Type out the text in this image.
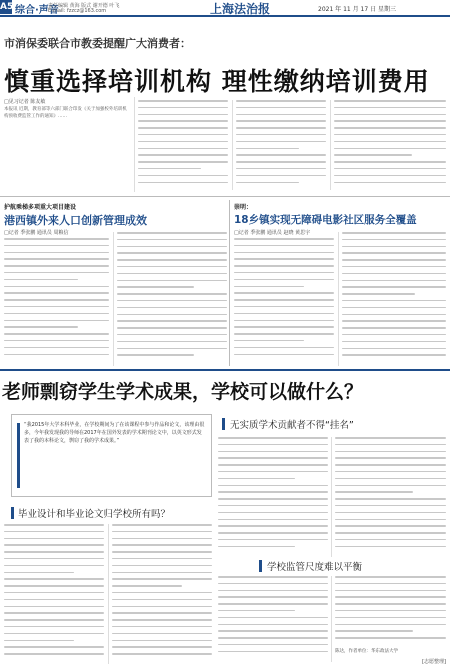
A5 综合·声音
责任编辑 黄海 版式 谢开德 叶飞
E-mail: fzzcz@163.com	上海法治报	2021 年 11 月 17 日 星期三
市消保委联合市教委提醒广大消费者：
慎重选择培训机构 理性缴纳培训费用
□见习记者 陈友敏
本报讯 近期，教育部等六部门联合印发《关于加强校外培训机构预收费监管工作的通知》……
护航乘梯多项重大项目建设
港西镇外来人口创新管理成效
□记者 季张鹏 通讯员 周粮信
崇明：
18乡镇实现无障碍电影社区服务全覆盖
□记者 季张鹏 通讯员 赵晓 黄思宇
老师剽窃学生学术成果，学校可以做什么？
“我2015年大学本科毕业，在学校期间为了在该课程中参与作品和论文，该理由很多，今年我发现我的导师在2017年在国外发表的学术期刊论文中，以英文形式发表了我的本科论文，剽窃了我的学术成果。”
毕业设计和毕业论文归学校所有吗？
无实质学术贡献者不得“挂名”
学校监管尺度难以平衡
陈达，作者单位：华东政法大学
[志愿整理]
